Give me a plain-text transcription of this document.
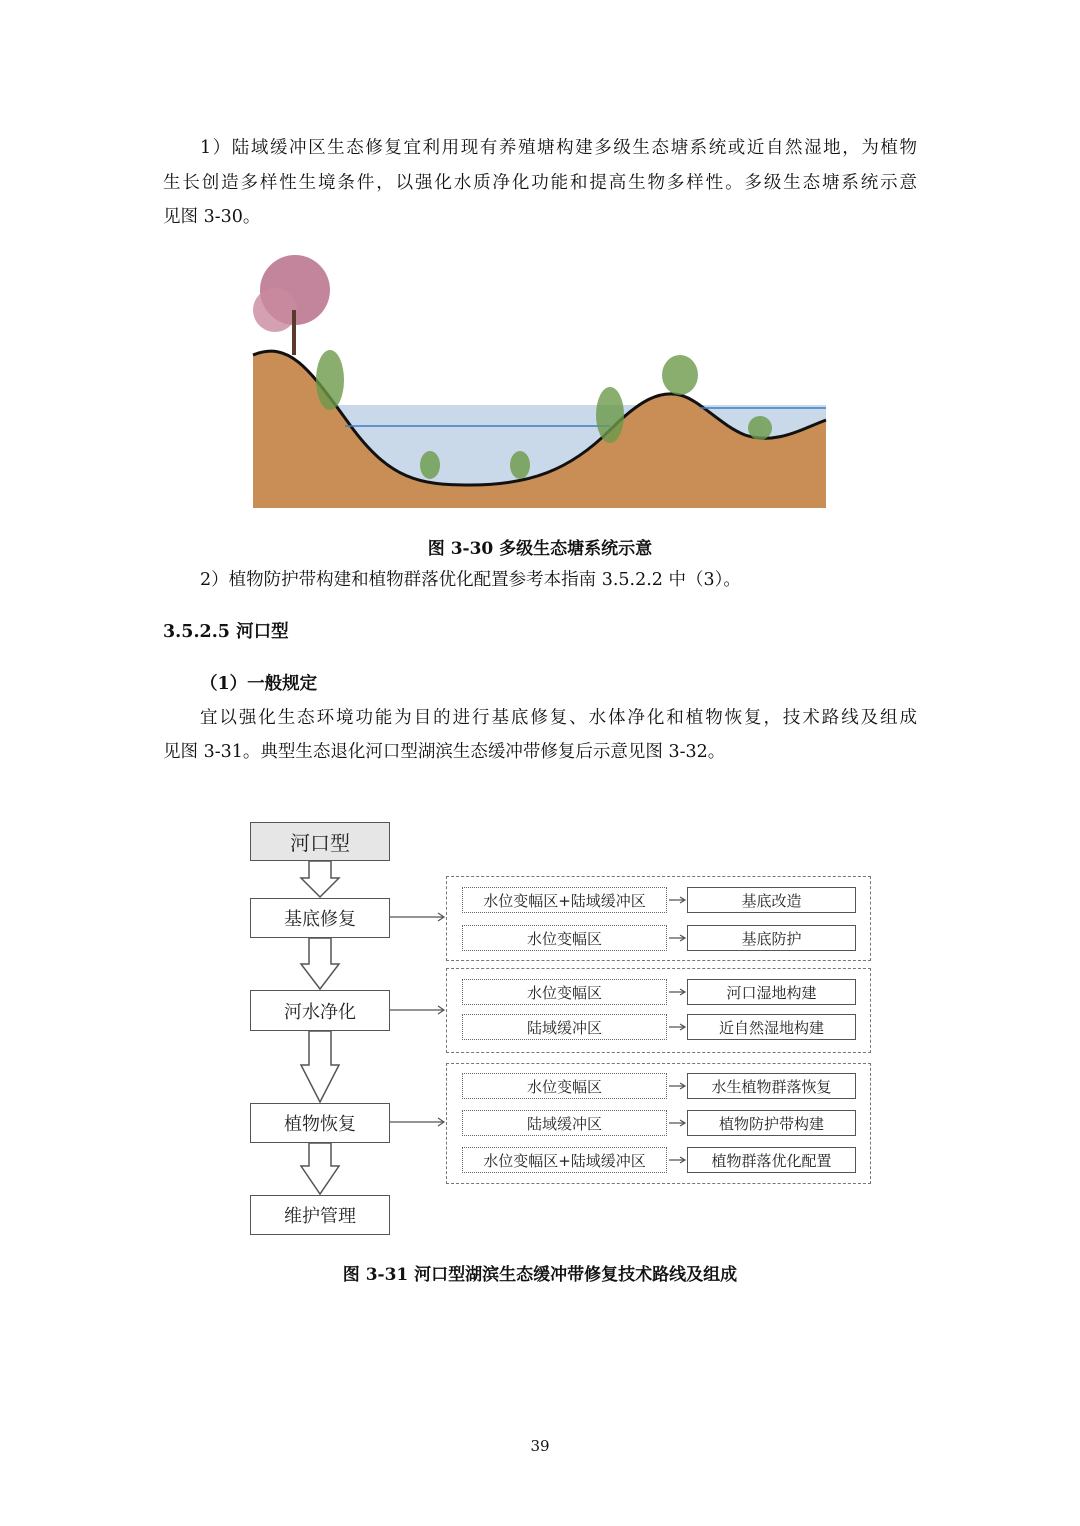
1）陆域缓冲区生态修复宜利用现有养殖塘构建多级生态塘系统或近自然湿地，为植物
生长创造多样性生境条件，以强化水质净化功能和提高生物多样性。多级生态塘系统示意
见图 3-30。
图 3-30 多级生态塘系统示意
2）植物防护带构建和植物群落优化配置参考本指南 3.5.2.2 中（3）。
3.5.2.5 河口型
（1）一般规定
宜以强化生态环境功能为目的进行基底修复、水体净化和植物恢复，技术路线及组成
见图 3-31。典型生态退化河口型湖滨生态缓冲带修复后示意见图 3-32。
河口型
基底修复
河水净化
植物恢复
维护管理
水位变幅区+陆域缓冲区	基底改造
水位变幅区	基底防护
水位变幅区	河口湿地构建
陆域缓冲区	近自然湿地构建
水位变幅区	水生植物群落恢复
陆域缓冲区	植物防护带构建
水位变幅区+陆域缓冲区	植物群落优化配置
图 3-31 河口型湖滨生态缓冲带修复技术路线及组成
39
